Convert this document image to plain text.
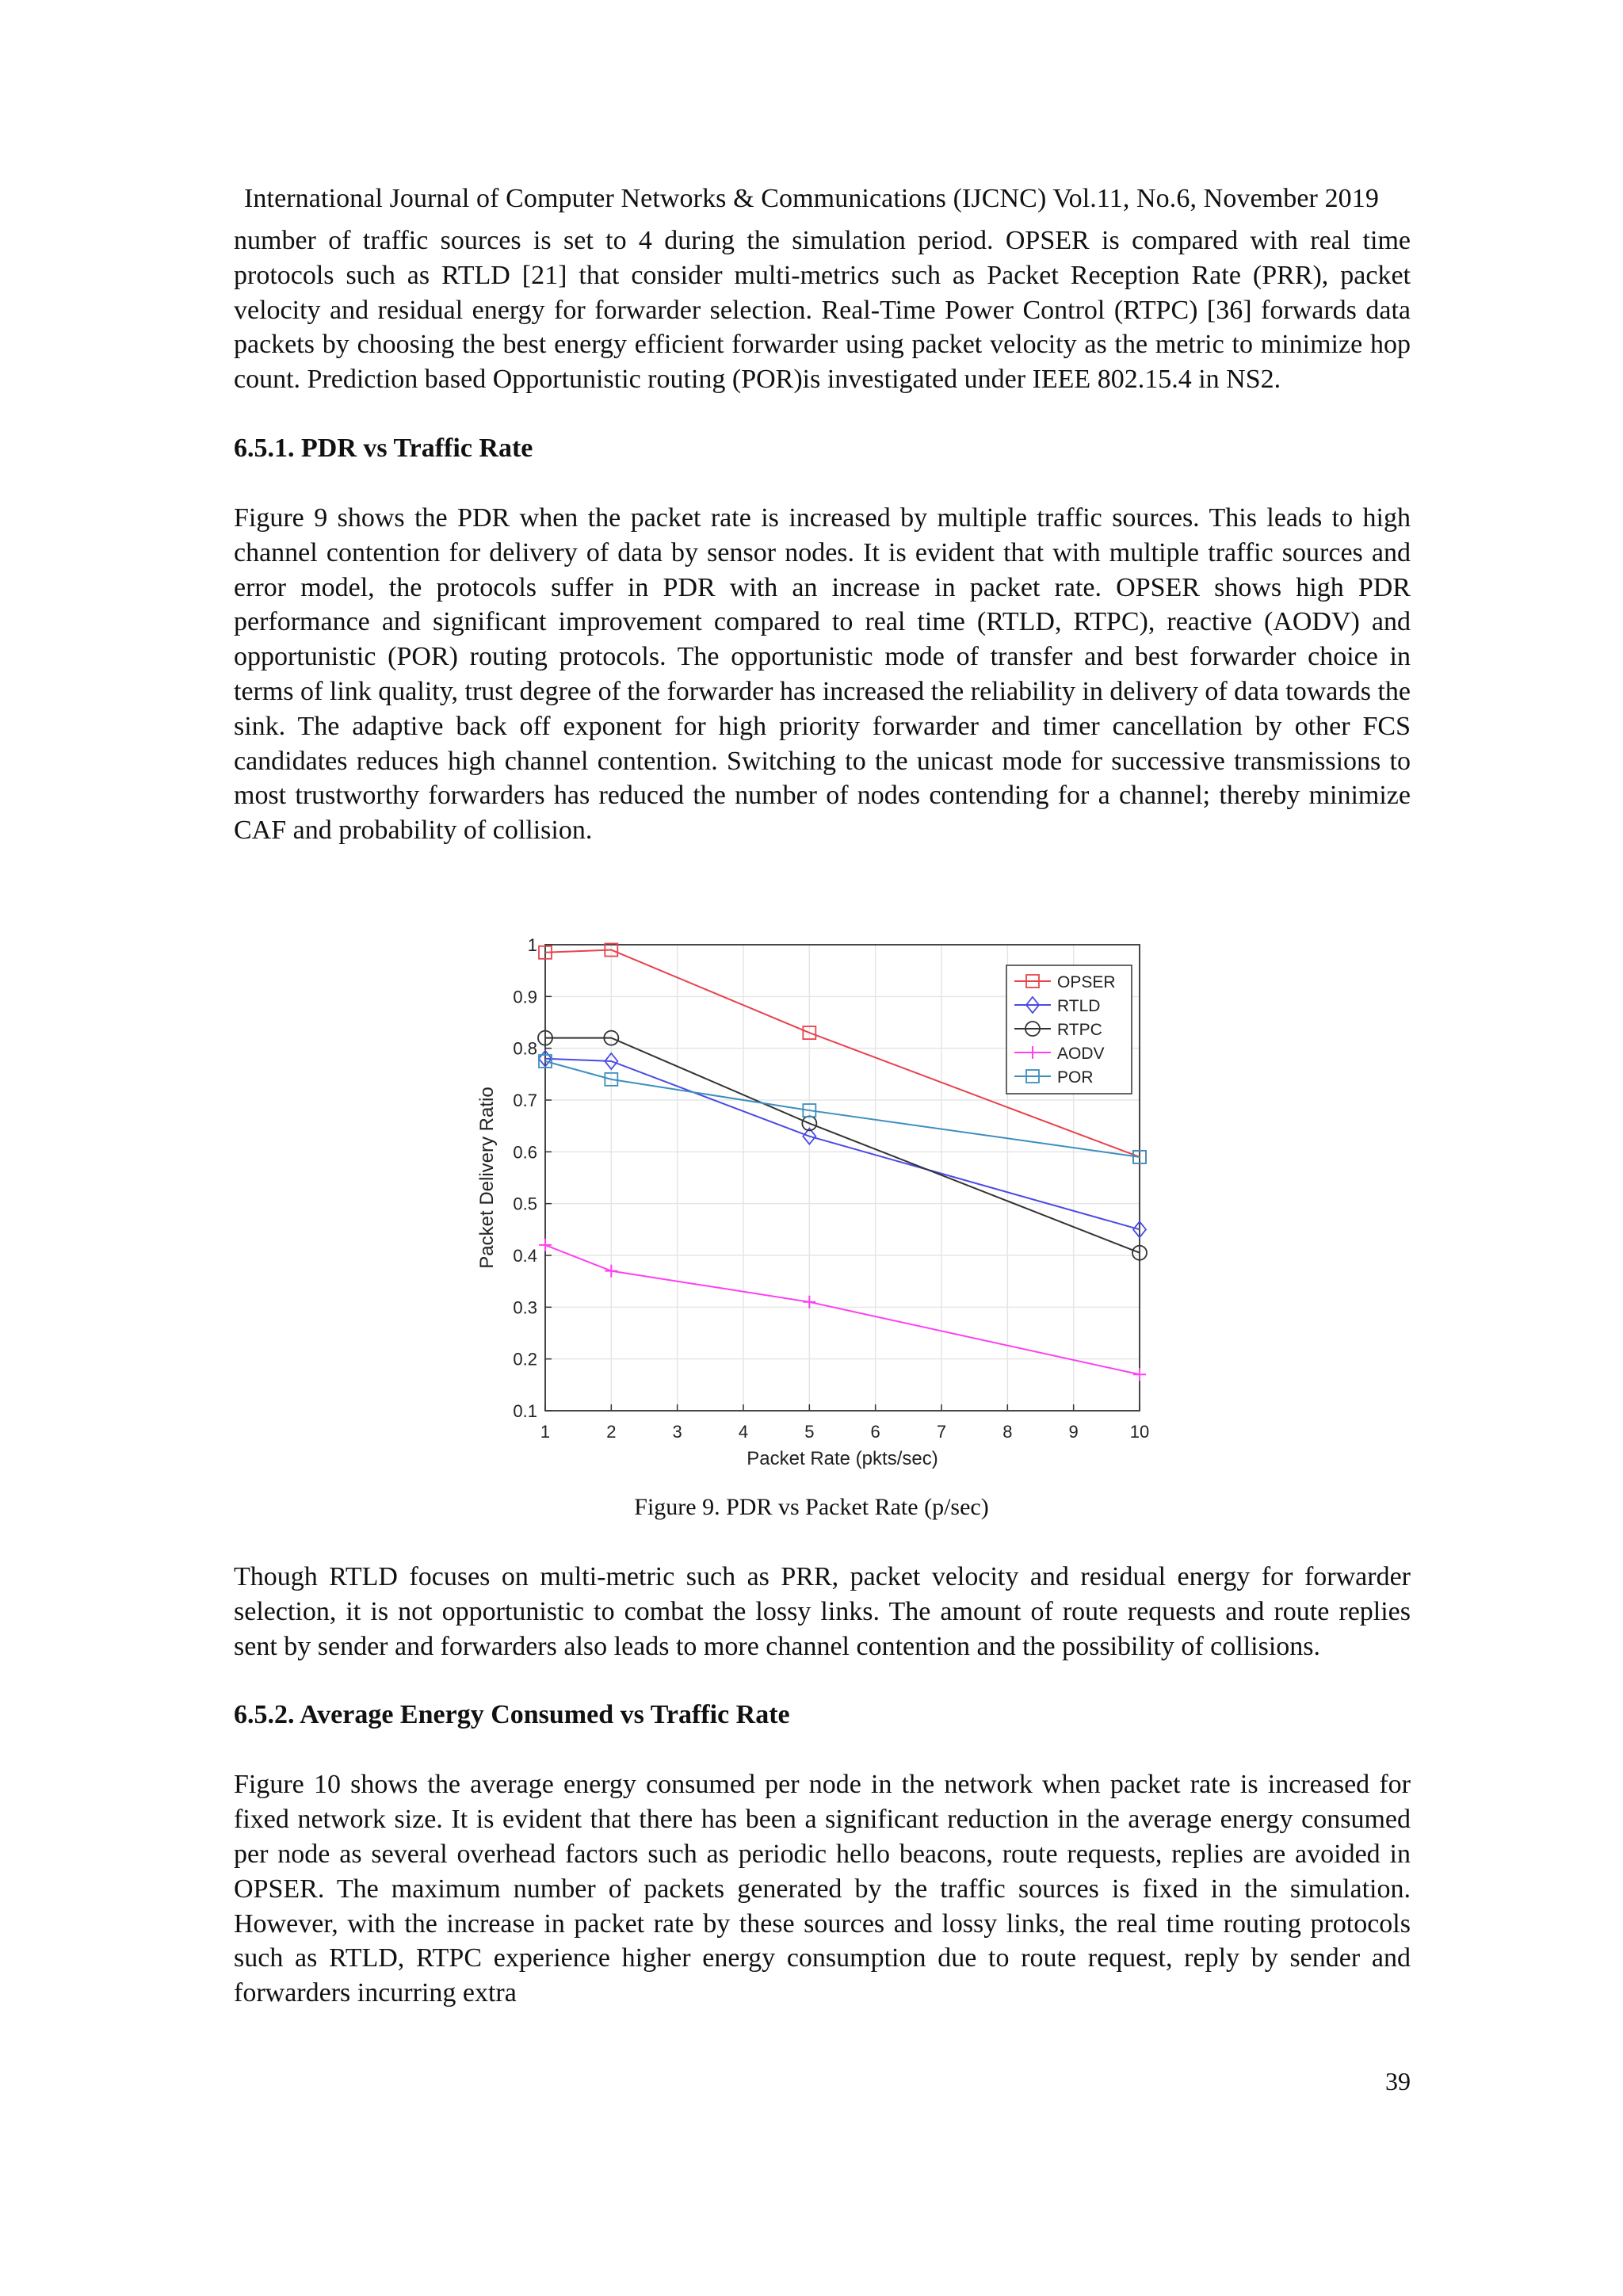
International Journal of Computer Networks & Communications (IJCNC) Vol.11, No.6, November 2019

number of traffic sources is set to 4 during the simulation period. OPSER is compared with real time protocols such as RTLD [21] that consider multi-metrics such as Packet Reception Rate (PRR), packet velocity and residual energy for forwarder selection. Real-Time Power Control (RTPC) [36] forwards data packets by choosing the best energy efficient forwarder using packet velocity as the metric to minimize hop count. Prediction based Opportunistic routing (POR)is investigated under IEEE 802.15.4 in NS2.

6.5.1. PDR vs Traffic Rate

Figure 9 shows the PDR when the packet rate is increased by multiple traffic sources. This leads to high channel contention for delivery of data by sensor nodes. It is evident that with multiple traffic sources and error model, the protocols suffer in PDR with an increase in packet rate. OPSER shows high PDR performance and significant improvement compared to real time (RTLD, RTPC), reactive (AODV) and opportunistic (POR) routing protocols. The opportunistic mode of transfer and best forwarder choice in terms of link quality, trust degree of the forwarder has increased the reliability in delivery of data towards the sink. The adaptive back off exponent for high priority forwarder and timer cancellation by other FCS candidates reduces high channel contention. Switching to the unicast mode for successive transmissions to most trustworthy forwarders has reduced the number of nodes contending for a channel; thereby minimize CAF and probability of collision.

1	2	3	4	5	6	7	8	9	10
0.1
0.2
0.3
0.4
0.5
0.6
0.7
0.8
0.9
1
Packet Rate (pkts/sec)
Packet Delivery Ratio
OPSER
RTLD
RTPC
AODV
POR
Figure 9. PDR vs Packet Rate (p/sec)

Though RTLD focuses on multi-metric such as PRR, packet velocity and residual energy for forwarder selection, it is not opportunistic to combat the lossy links. The amount of route requests and route replies sent by sender and forwarders also leads to more channel contention and the possibility of collisions.

6.5.2. Average Energy Consumed vs Traffic Rate

Figure 10 shows the average energy consumed per node in the network when packet rate is increased for fixed network size. It is evident that there has been a significant reduction in the average energy consumed per node as several overhead factors such as periodic hello beacons, route requests, replies are avoided in OPSER. The maximum number of packets generated by the traffic sources is fixed in the simulation. However, with the increase in packet rate by these sources and lossy links, the real time routing protocols such as RTLD, RTPC experience higher energy consumption due to route request, reply by sender and forwarders incurring extra

39
